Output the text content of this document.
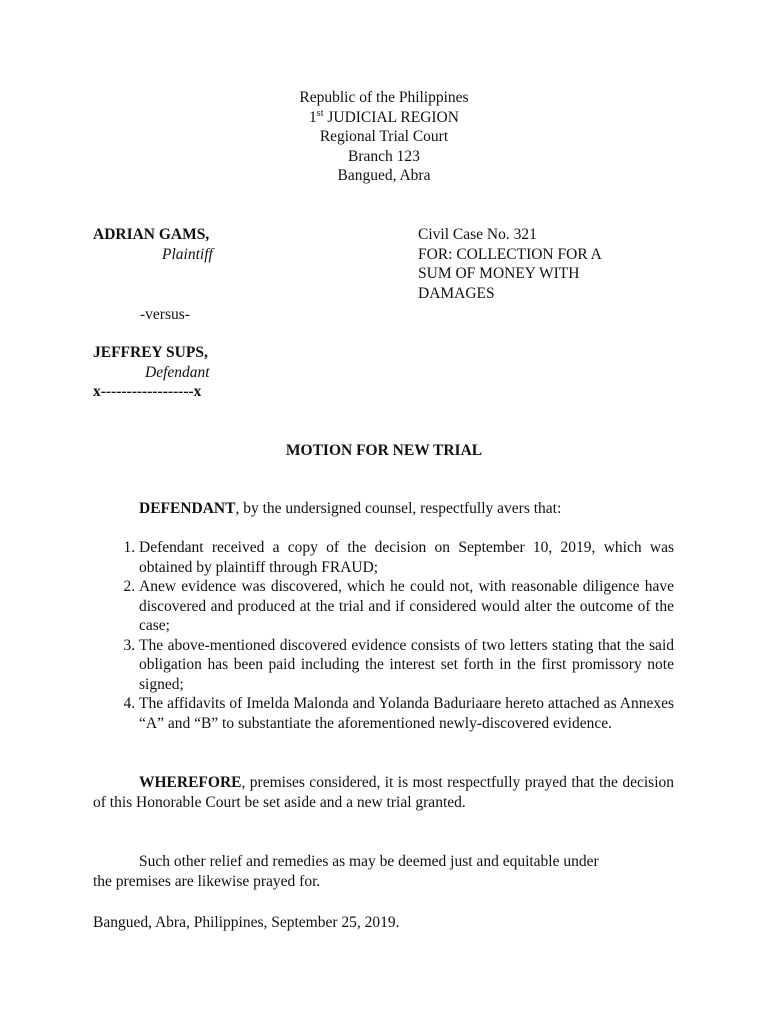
Republic of the Philippines
1st JUDICIAL REGION
Regional Trial Court
Branch 123
Bangued, Abra
ADRIAN GAMS,
Plaintiff
-versus-
JEFFREY SUPS,
Defendant
x------------------x
Civil Case No. 321
FOR: COLLECTION FOR A
SUM OF MONEY WITH
DAMAGES
MOTION FOR NEW TRIAL
DEFENDANT, by the undersigned counsel, respectfully avers that:
1. Defendant received a copy of the decision on September 10, 2019, which was obtained by plaintiff through FRAUD;
2. Anew evidence was discovered, which he could not, with reasonable diligence have discovered and produced at the trial and if considered would alter the outcome of the case;
3. The above-mentioned discovered evidence consists of two letters stating that the said obligation has been paid including the interest set forth in the first promissory note signed;
4. The affidavits of Imelda Malonda and Yolanda Baduriaare hereto attached as Annexes “A” and “B” to substantiate the aforementioned newly-discovered evidence.
WHEREFORE, premises considered, it is most respectfully prayed that the decision of this Honorable Court be set aside and a new trial granted.
Such other relief and remedies as may be deemed just and equitable under the premises are likewise prayed for.
Bangued, Abra, Philippines, September 25, 2019.
